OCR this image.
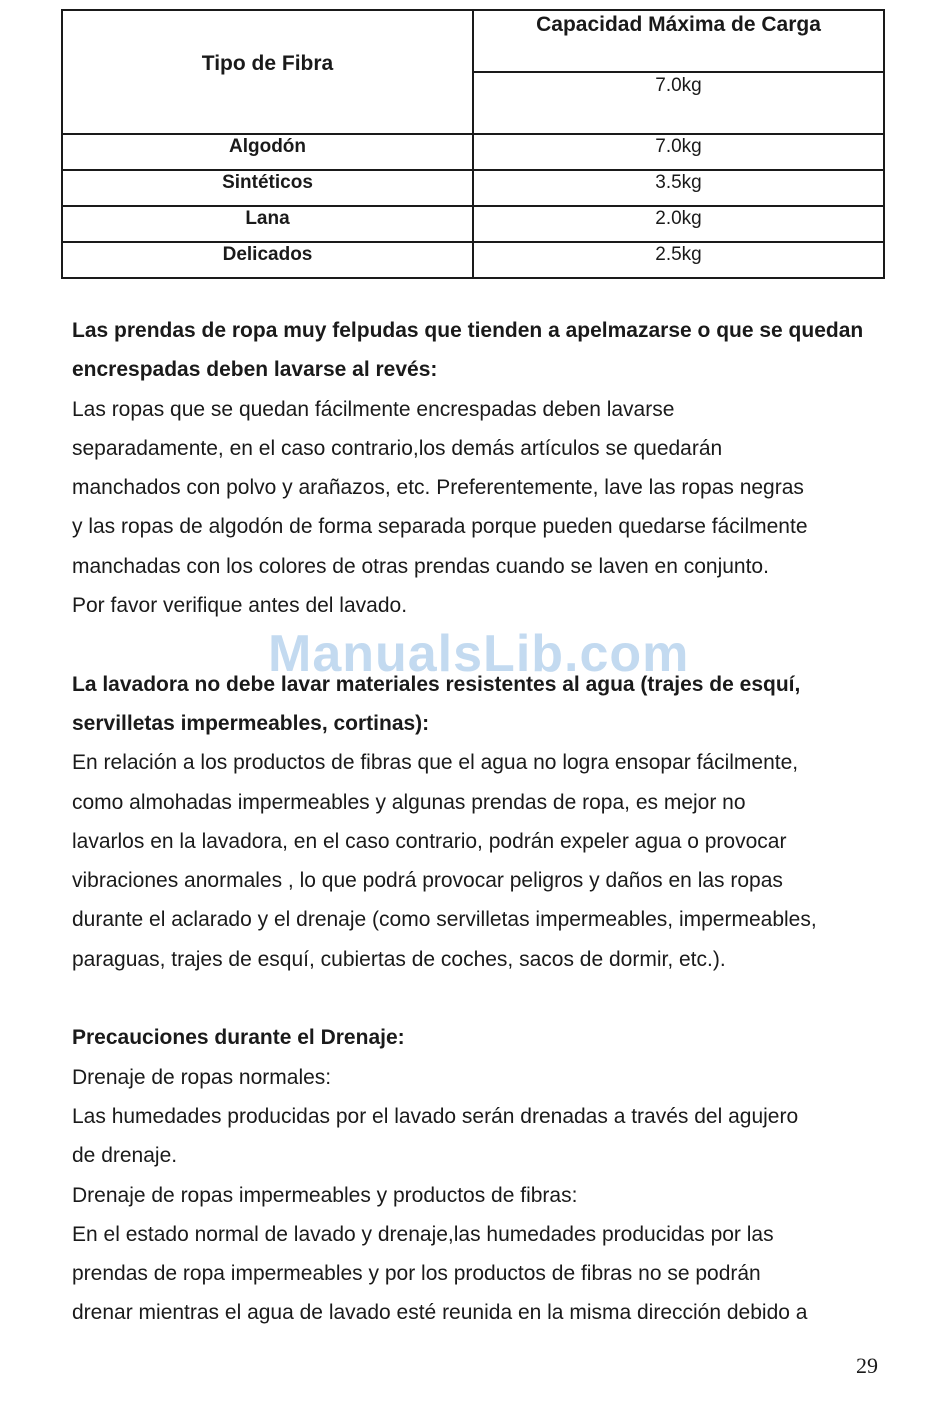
Tipo de Fibra	Capacidad Máxima de Carga
	7.0kg
Algodón	7.0kg
Sintéticos	3.5kg
Lana	2.0kg
Delicados	2.5kg

Las prendas de ropa muy felpudas que tienden a apelmazarse o que se quedan

encrespadas deben lavarse al revés:

Las ropas que se quedan fácilmente encrespadas deben lavarse

separadamente, en el caso contrario,los demás artículos se quedarán

manchados con polvo y arañazos, etc. Preferentemente, lave las ropas negras

y las ropas de algodón de forma separada porque pueden quedarse fácilmente

manchadas con los colores de otras prendas cuando se laven en conjunto.

Por favor verifique antes del lavado.

La lavadora no debe lavar materiales resistentes al agua (trajes de esquí,

servilletas impermeables, cortinas):

En relación a los productos de fibras que el agua no logra ensopar fácilmente,

como almohadas impermeables y algunas prendas de ropa, es mejor no

lavarlos en la lavadora, en el caso contrario, podrán expeler agua o provocar

vibraciones anormales , lo que podrá provocar peligros y daños en las ropas

durante el aclarado y el drenaje (como servilletas impermeables, impermeables,

paraguas, trajes de esquí, cubiertas de coches, sacos de dormir, etc.).

Precauciones durante el Drenaje:

Drenaje de ropas normales:

Las humedades producidas por el lavado serán drenadas a través del agujero

de drenaje.

Drenaje de ropas impermeables y productos de fibras:

En el estado normal de lavado y drenaje,las humedades producidas por las

prendas de ropa impermeables y por los productos de fibras no se podrán

drenar mientras el agua de lavado esté reunida en la misma dirección debido a

ManualsLib.com
29
